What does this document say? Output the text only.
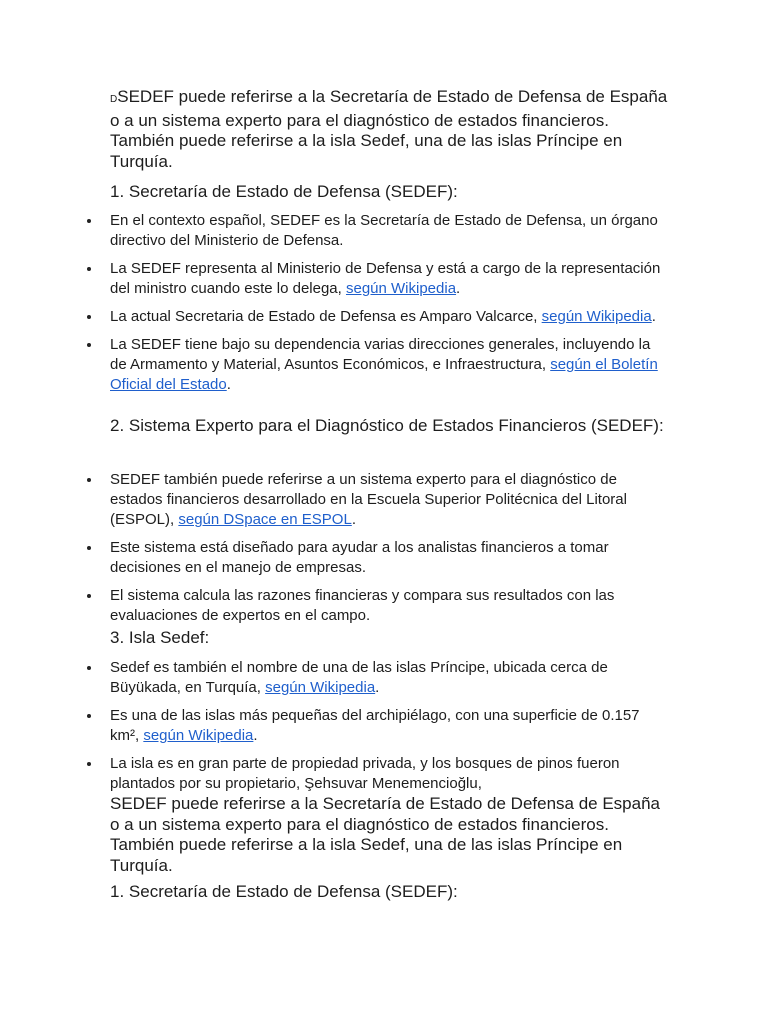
DSEDEF puede referirse a la Secretaría de Estado de Defensa de España o a un sistema experto para el diagnóstico de estados financieros. También puede referirse a la isla Sedef, una de las islas Príncipe en Turquía.
1. Secretaría de Estado de Defensa (SEDEF):
En el contexto español, SEDEF es la Secretaría de Estado de Defensa, un órgano directivo del Ministerio de Defensa.
La SEDEF representa al Ministerio de Defensa y está a cargo de la representación del ministro cuando este lo delega, según Wikipedia.
La actual Secretaria de Estado de Defensa es Amparo Valcarce, según Wikipedia.
La SEDEF tiene bajo su dependencia varias direcciones generales, incluyendo la de Armamento y Material, Asuntos Económicos, e Infraestructura, según el Boletín Oficial del Estado.
2. Sistema Experto para el Diagnóstico de Estados Financieros (SEDEF):
SEDEF también puede referirse a un sistema experto para el diagnóstico de estados financieros desarrollado en la Escuela Superior Politécnica del Litoral (ESPOL), según DSpace en ESPOL.
Este sistema está diseñado para ayudar a los analistas financieros a tomar decisiones en el manejo de empresas.
El sistema calcula las razones financieras y compara sus resultados con las evaluaciones de expertos en el campo.
3. Isla Sedef:
Sedef es también el nombre de una de las islas Príncipe, ubicada cerca de Büyükada, en Turquía, según Wikipedia.
Es una de las islas más pequeñas del archipiélago, con una superficie de 0.157 km², según Wikipedia.
La isla es en gran parte de propiedad privada, y los bosques de pinos fueron plantados por su propietario, Şehsuvar Menemencioğlu,
SEDEF puede referirse a la Secretaría de Estado de Defensa de España o a un sistema experto para el diagnóstico de estados financieros. También puede referirse a la isla Sedef, una de las islas Príncipe en Turquía.
1. Secretaría de Estado de Defensa (SEDEF):
